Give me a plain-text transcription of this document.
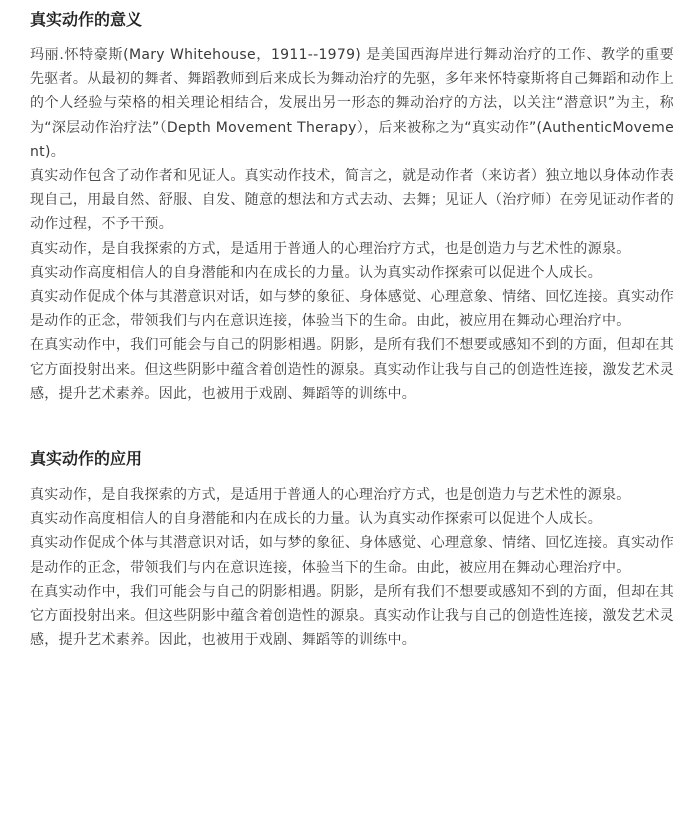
真实动作的意义

玛丽.怀特豪斯(Mary Whitehouse，1911--1979) 是美国西海岸进行舞动治疗的工作、教学的重要先驱者。从最初的舞者、舞蹈教师到后来成长为舞动治疗的先驱，多年来怀特豪斯将自己舞蹈和动作上的个人经验与荣格的相关理论相结合，发展出另一形态的舞动治疗的方法，以关注“潜意识”为主，称为“深层动作治疗法”（Depth Movement Therapy），后来被称之为“真实动作”(AuthenticMovement)。

真实动作包含了动作者和见证人。真实动作技术，简言之，就是动作者（来访者）独立地以身体动作表现自己，用最自然、舒服、自发、随意的想法和方式去动、去舞；见证人（治疗师）在旁见证动作者的动作过程，不予干预。

真实动作，是自我探索的方式，是适用于普通人的心理治疗方式，也是创造力与艺术性的源泉。

真实动作高度相信人的自身潜能和内在成长的力量。认为真实动作探索可以促进个人成长。

真实动作促成个体与其潜意识对话，如与梦的象征、身体感觉、心理意象、情绪、回忆连接。真实动作是动作的正念，带领我们与内在意识连接，体验当下的生命。由此，被应用在舞动心理治疗中。

在真实动作中，我们可能会与自己的阴影相遇。阴影，是所有我们不想要或感知不到的方面，但却在其它方面投射出来。但这些阴影中蕴含着创造性的源泉。真实动作让我与自己的创造性连接，激发艺术灵感，提升艺术素养。因此，也被用于戏剧、舞蹈等的训练中。

真实动作的应用

真实动作，是自我探索的方式，是适用于普通人的心理治疗方式，也是创造力与艺术性的源泉。

真实动作高度相信人的自身潜能和内在成长的力量。认为真实动作探索可以促进个人成长。

真实动作促成个体与其潜意识对话，如与梦的象征、身体感觉、心理意象、情绪、回忆连接。真实动作是动作的正念，带领我们与内在意识连接，体验当下的生命。由此，被应用在舞动心理治疗中。

在真实动作中，我们可能会与自己的阴影相遇。阴影，是所有我们不想要或感知不到的方面，但却在其它方面投射出来。但这些阴影中蕴含着创造性的源泉。真实动作让我与自己的创造性连接，激发艺术灵感，提升艺术素养。因此，也被用于戏剧、舞蹈等的训练中。
